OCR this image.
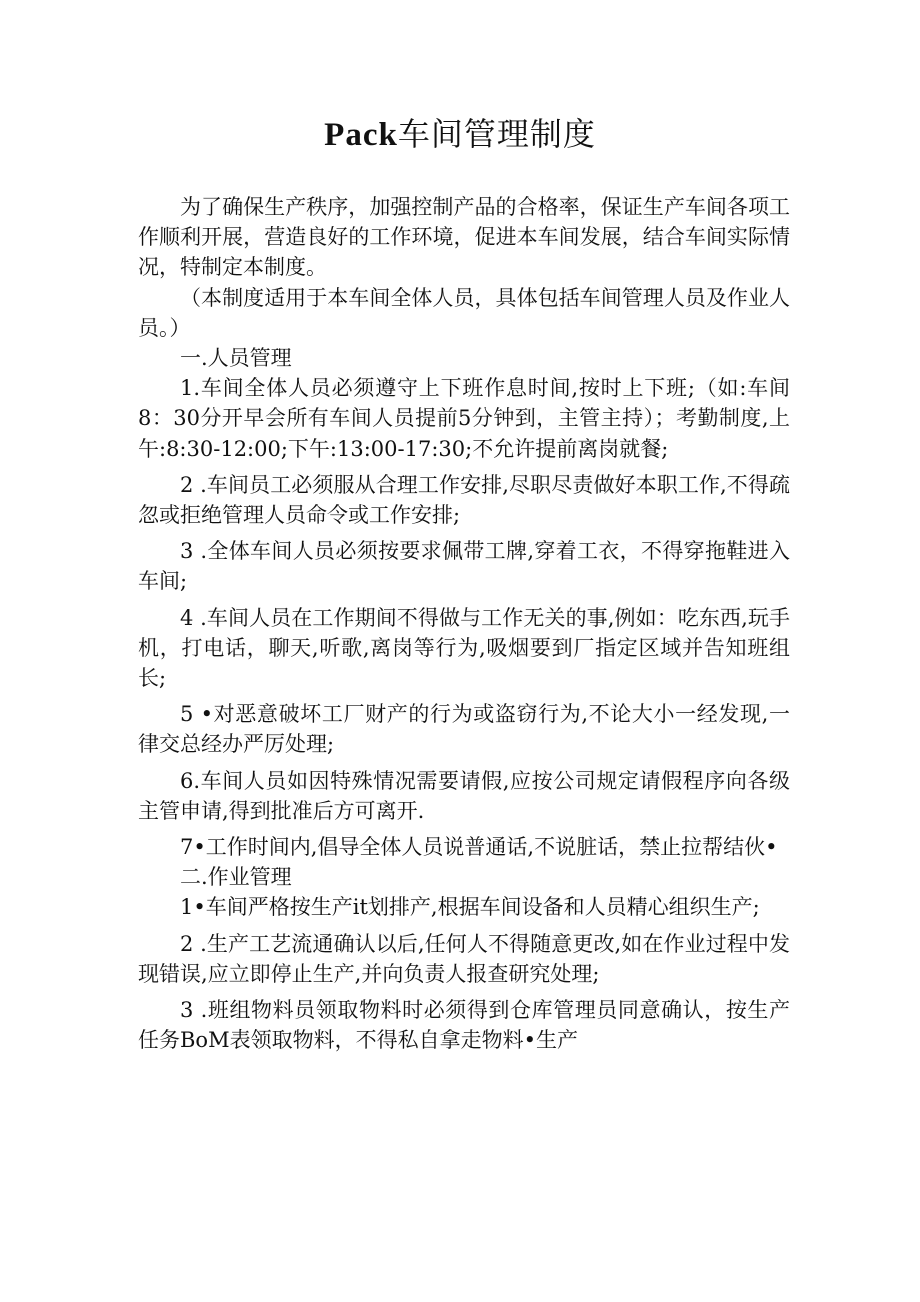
Pack车间管理制度

为了确保生产秩序，加强控制产品的合格率，保证生产车间各项工作顺利开展，营造良好的工作环境，促进本车间发展，结合车间实际情况，特制定本制度。

（本制度适用于本车间全体人员，具体包括车间管理人员及作业人员。）

一.人员管理

1.车间全体人员必须遵守上下班作息时间,按时上下班;（如:车间8：30分开早会所有车间人员提前5分钟到，主管主持）；考勤制度,上午:8:30-12:00;下午:13:00-17:30;不允许提前离岗就餐;

2 .车间员工必须服从合理工作安排,尽职尽责做好本职工作,不得疏忽或拒绝管理人员命令或工作安排;

3 .全体车间人员必须按要求佩带工牌,穿着工衣，不得穿拖鞋进入车间;

4 .车间人员在工作期间不得做与工作无关的事,例如：吃东西,玩手机，打电话，聊天,听歌,离岗等行为,吸烟要到厂指定区域并告知班组长;

5 •对恶意破坏工厂财产的行为或盗窃行为,不论大小一经发现,一律交总经办严厉处理;

6.车间人员如因特殊情况需要请假,应按公司规定请假程序向各级主管申请,得到批准后方可离开.

7•工作时间内,倡导全体人员说普通话,不说脏话，禁止拉帮结伙•

二.作业管理

1•车间严格按生产it划排产,根据车间设备和人员精心组织生产;

2 .生产工艺流通确认以后,任何人不得随意更改,如在作业过程中发现错误,应立即停止生产,并向负责人报查研究处理;

3 .班组物料员领取物料时必须得到仓库管理员同意确认，按生产任务BoM表领取物料，不得私自拿走物料•生产
